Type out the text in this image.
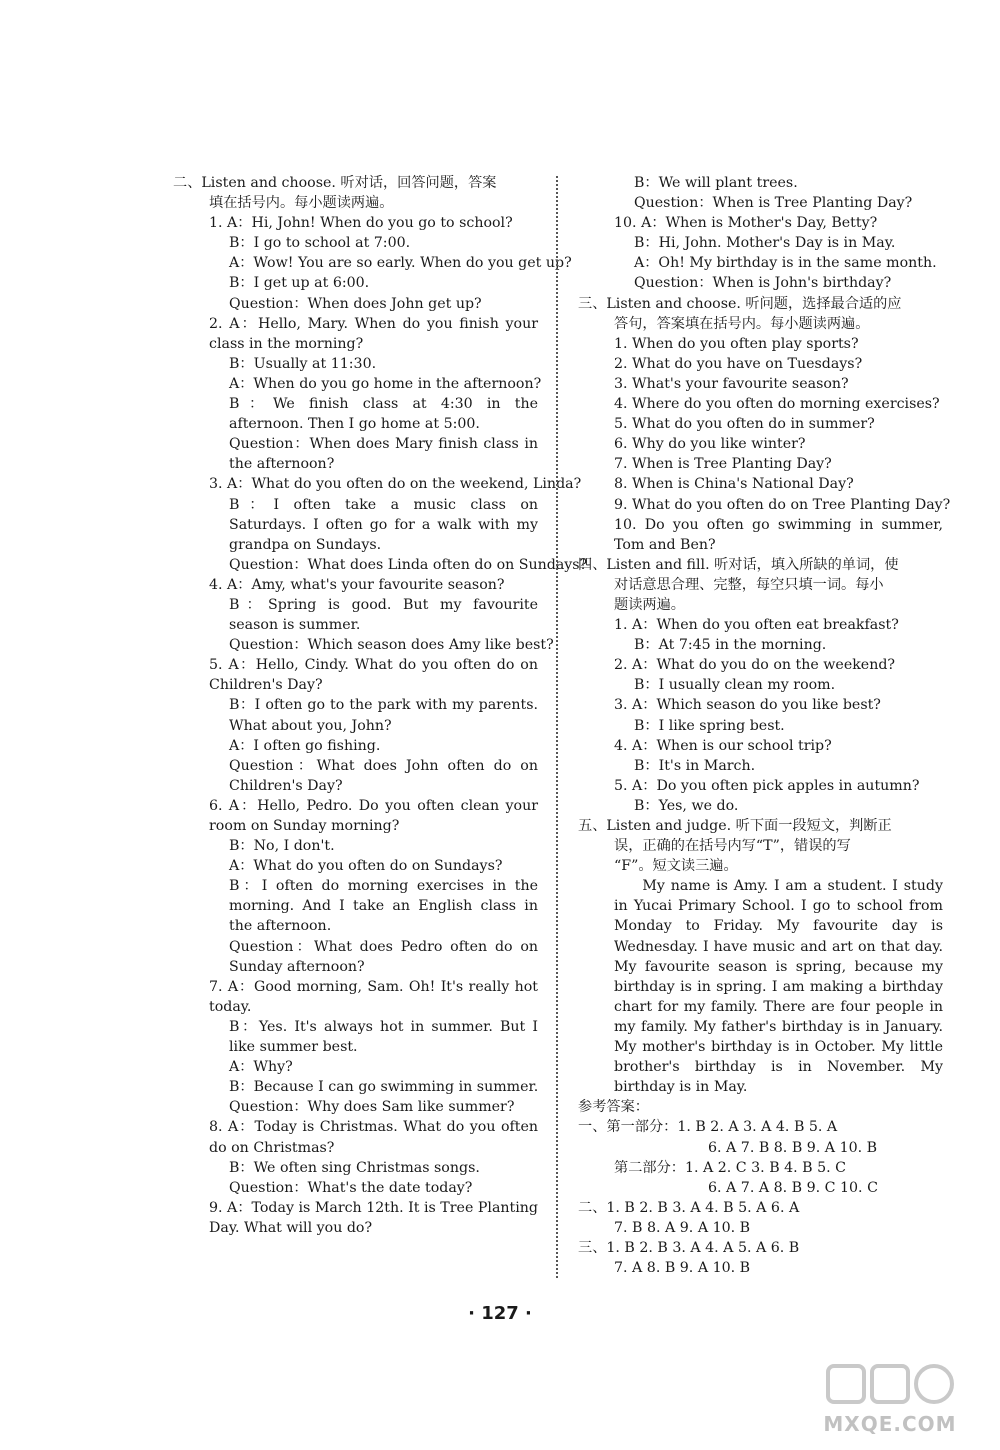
二、Listen and choose. 听对话，回答问题，答案
填在括号内。每小题读两遍。
1. A：Hi, John! When do you go to school?
B：I go to school at 7:00.
A：Wow! You are so early. When do you get up?
B：I get up at 6:00.
Question：When does John get up?
2. A：Hello, Mary. When do you finish your class in the morning?
B：Usually at 11:30.
A：When do you go home in the afternoon?
B：We finish class at 4:30 in the afternoon. Then I go home at 5:00.
Question：When does Mary finish class in the afternoon?
3. A：What do you often do on the weekend, Linda?
B：I often take a music class on Saturdays. I often go for a walk with my grandpa on Sundays.
Question：What does Linda often do on Sundays?
4. A：Amy, what's your favourite season?
B：Spring is good. But my favourite season is summer.
Question：Which season does Amy like best?
5. A：Hello, Cindy. What do you often do on Children's Day?
B：I often go to the park with my parents. What about you, John?
A：I often go fishing.
Question：What does John often do on Children's Day?
6. A：Hello, Pedro. Do you often clean your room on Sunday morning?
B：No, I don't.
A：What do you often do on Sundays?
B：I often do morning exercises in the morning. And I take an English class in the afternoon.
Question：What does Pedro often do on Sunday afternoon?
7. A：Good morning, Sam. Oh! It's really hot today.
B：Yes. It's always hot in summer. But I like summer best.
A：Why?
B：Because I can go swimming in summer.
Question：Why does Sam like summer?
8. A：Today is Christmas. What do you often do on Christmas?
B：We often sing Christmas songs.
Question：What's the date today?
9. A：Today is March 12th. It is Tree Planting Day. What will you do?
B：We will plant trees.
Question：When is Tree Planting Day?
10. A：When is Mother's Day, Betty?
B：Hi, John. Mother's Day is in May.
A：Oh! My birthday is in the same month.
Question：When is John's birthday?
三、Listen and choose. 听问题，选择最合适的应
答句，答案填在括号内。每小题读两遍。
1. When do you often play sports?
2. What do you have on Tuesdays?
3. What's your favourite season?
4. Where do you often do morning exercises?
5. What do you often do in summer?
6. Why do you like winter?
7. When is Tree Planting Day?
8. When is China's National Day?
9. What do you often do on Tree Planting Day?
10. Do you often go swimming in summer, Tom and Ben?
四、Listen and fill. 听对话，填入所缺的单词，使
对话意思合理、完整，每空只填一词。每小
题读两遍。
1. A：When do you often eat breakfast?
B：At 7:45 in the morning.
2. A：What do you do on the weekend?
B：I usually clean my room.
3. A：Which season do you like best?
B：I like spring best.
4. A：When is our school trip?
B：It's in March.
5. A：Do you often pick apples in autumn?
B：Yes, we do.
五、Listen and judge. 听下面一段短文，判断正
误，正确的在括号内写“T”，错误的写
“F”。短文读三遍。
My name is Amy. I am a student. I study in Yucai Primary School. I go to school from Monday to Friday. My favourite day is Wednesday. I have music and art on that day. My favourite season is spring, because my birthday is in spring. I am making a birthday chart for my family. There are four people in my family. My father's birthday is in January. My mother's birthday is in October. My little brother's birthday is in November. My birthday is in May.
参考答案：
一、第一部分：1. B 2. A 3. A 4. B 5. A
6. A 7. B 8. B 9. A 10. B
第二部分：1. A 2. C 3. B 4. B 5. C
6. A 7. A 8. B 9. C 10. C
二、1. B 2. B 3. A 4. B 5. A 6. A
7. B 8. A 9. A 10. B
三、1. B 2. B 3. A 4. A 5. A 6. B
7. A 8. B 9. A 10. B
· 127 ·
MXQE.COM
